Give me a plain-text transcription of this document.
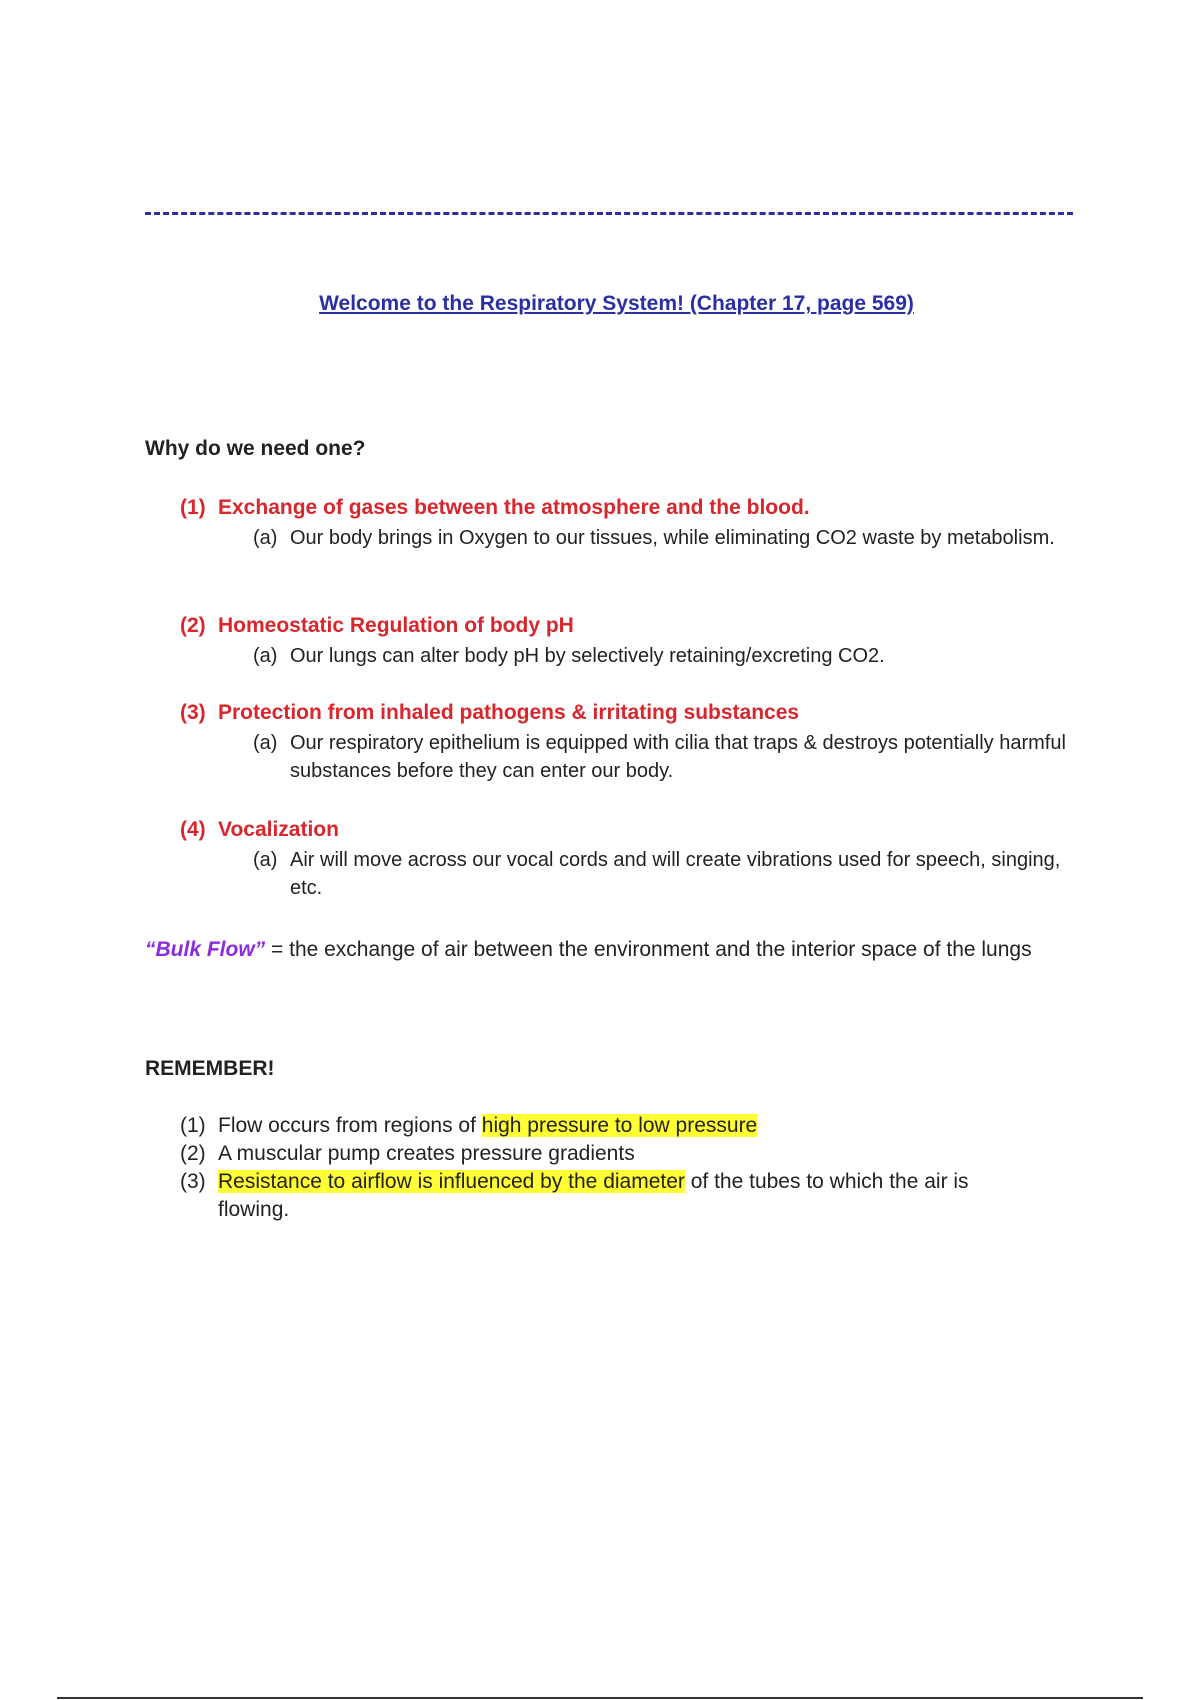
Welcome to the Respiratory System! (Chapter 17, page 569)
Why do we need one?
(1) Exchange of gases between the atmosphere and the blood.
(a) Our body brings in Oxygen to our tissues, while eliminating CO2 waste by metabolism.
(2) Homeostatic Regulation of body pH
(a) Our lungs can alter body pH by selectively retaining/excreting CO2.
(3) Protection from inhaled pathogens & irritating substances
(a) Our respiratory epithelium is equipped with cilia that traps & destroys potentially harmful substances before they can enter our body.
(4) Vocalization
(a) Air will move across our vocal cords and will create vibrations used for speech, singing, etc.
“Bulk Flow” = the exchange of air between the environment and the interior space of the lungs
REMEMBER!
(1) Flow occurs from regions of high pressure to low pressure
(2) A muscular pump creates pressure gradients
(3) Resistance to airflow is influenced by the diameter of the tubes to which the air is flowing.
